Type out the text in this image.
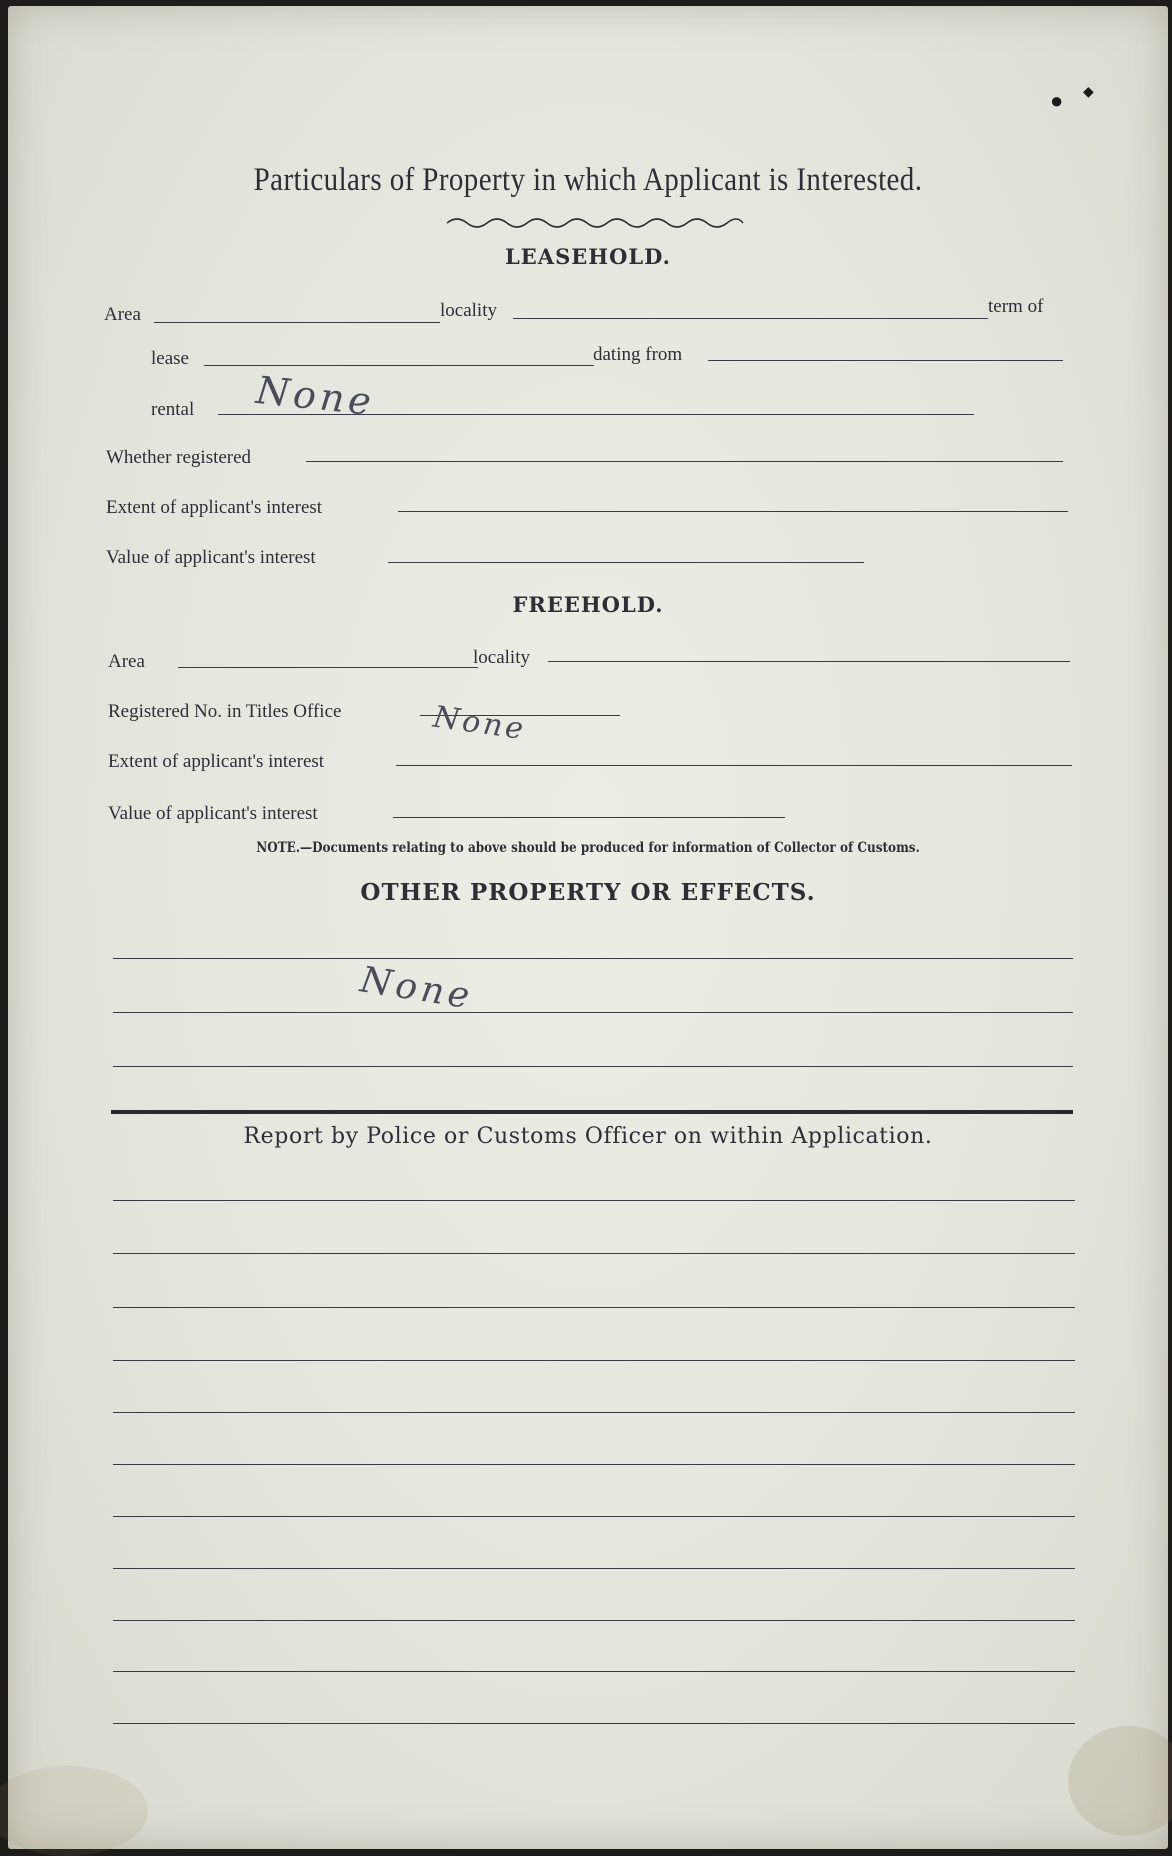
● ◆
Particulars of Property in which Applicant is Interested.
LEASEHOLD.
Area	locality	term of
lease	dating from
rental None
Whether registered
Extent of applicant's interest
Value of applicant's interest
FREEHOLD.
Area	locality
Registered No. in Titles Office	None
Extent of applicant's interest
Value of applicant's interest
NOTE.—Documents relating to above should be produced for information of Collector of Customs.
OTHER PROPERTY OR EFFECTS.
None
Report by Police or Customs Officer on within Application.
